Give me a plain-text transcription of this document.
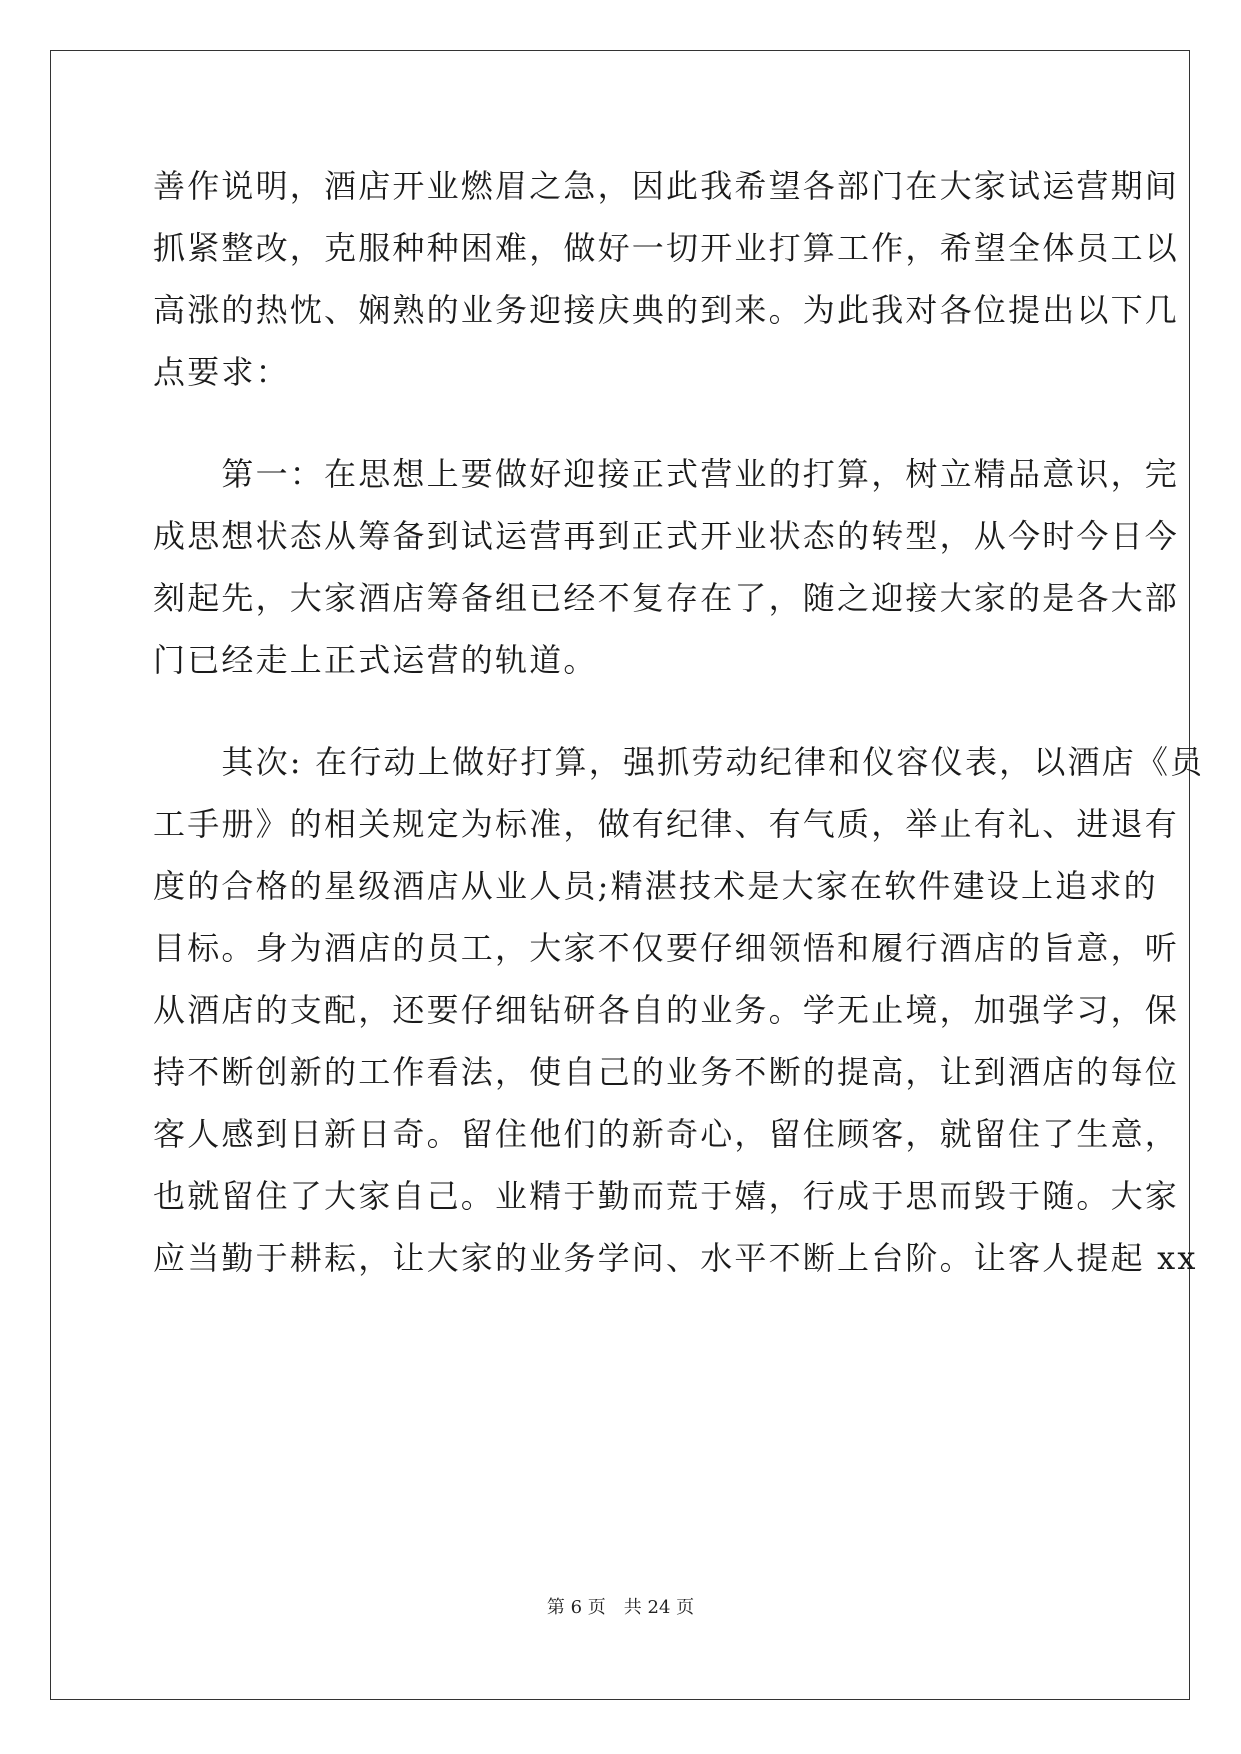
善作说明，酒店开业燃眉之急，因此我希望各部门在大家试运营期间
抓紧整改，克服种种困难，做好一切开业打算工作，希望全体员工以
高涨的热忱、娴熟的业务迎接庆典的到来。为此我对各位提出以下几
点要求：
　　第一：在思想上要做好迎接正式营业的打算，树立精品意识，完
成思想状态从筹备到试运营再到正式开业状态的转型，从今时今日今
刻起先，大家酒店筹备组已经不复存在了，随之迎接大家的是各大部
门已经走上正式运营的轨道。
　　其次: 在行动上做好打算，强抓劳动纪律和仪容仪表，以酒店《员
工手册》的相关规定为标准，做有纪律、有气质，举止有礼、进退有
度的合格的星级酒店从业人员;精湛技术是大家在软件建设上追求的
目标。身为酒店的员工，大家不仅要仔细领悟和履行酒店的旨意，听
从酒店的支配，还要仔细钻研各自的业务。学无止境，加强学习，保
持不断创新的工作看法，使自己的业务不断的提高，让到酒店的每位
客人感到日新日奇。留住他们的新奇心，留住顾客，就留住了生意，
也就留住了大家自己。业精于勤而荒于嬉，行成于思而毁于随。大家
应当勤于耕耘，让大家的业务学问、水平不断上台阶。让客人提起 xx
第 6 页 共 24 页
